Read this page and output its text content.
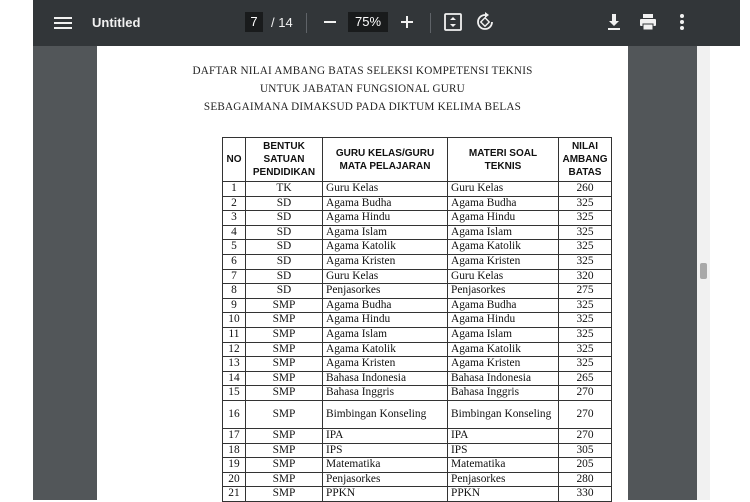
Untitled	7	/ 14	75%
DAFTAR NILAI AMBANG BATAS SELEKSI KOMPETENSI TEKNIS
UNTUK JABATAN FUNGSIONAL GURU
SEBAGAIMANA DIMAKSUD PADA DIKTUM KELIMA BELAS
NO	BENTUK SATUAN PENDIDIKAN	GURU KELAS/GURU MATA PELAJARAN	MATERI SOAL TEKNIS	NILAI AMBANG BATAS
1	TK	Guru Kelas	Guru Kelas	260
2	SD	Agama Budha	Agama Budha	325
3	SD	Agama Hindu	Agama Hindu	325
4	SD	Agama Islam	Agama Islam	325
5	SD	Agama Katolik	Agama Katolik	325
6	SD	Agama Kristen	Agama Kristen	325
7	SD	Guru Kelas	Guru Kelas	320
8	SD	Penjasorkes	Penjasorkes	275
9	SMP	Agama Budha	Agama Budha	325
10	SMP	Agama Hindu	Agama Hindu	325
11	SMP	Agama Islam	Agama Islam	325
12	SMP	Agama Katolik	Agama Katolik	325
13	SMP	Agama Kristen	Agama Kristen	325
14	SMP	Bahasa Indonesia	Bahasa Indonesia	265
15	SMP	Bahasa Inggris	Bahasa Inggris	270
16	SMP	Bimbingan Konseling	Bimbingan Konseling	270
17	SMP	IPA	IPA	270
18	SMP	IPS	IPS	305
19	SMP	Matematika	Matematika	205
20	SMP	Penjasorkes	Penjasorkes	280
21	SMP	PPKN	PPKN	330
